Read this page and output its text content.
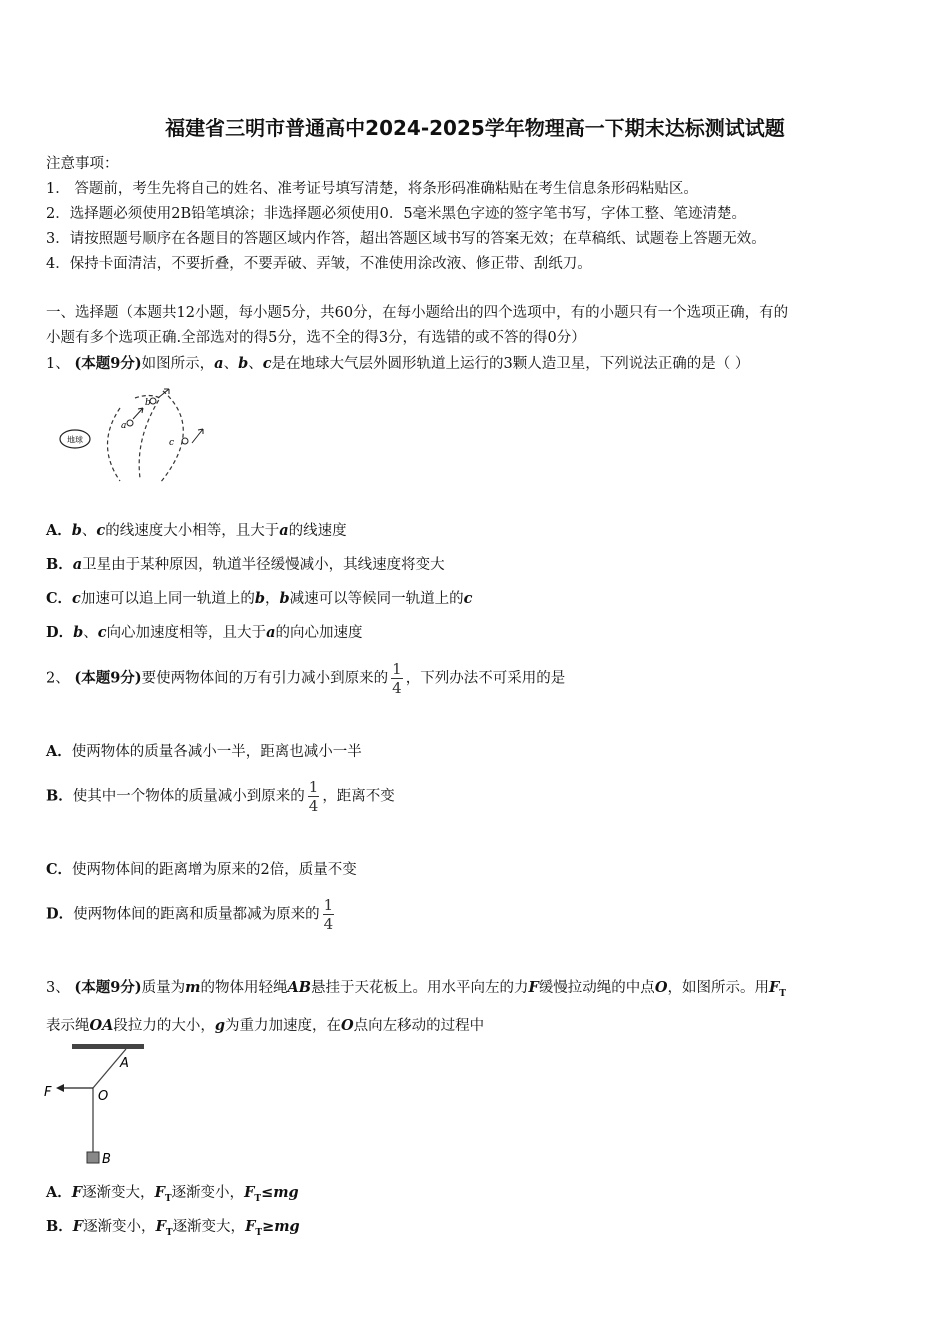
福建省三明市普通高中2024-2025学年物理高一下期末达标测试试题
注意事项：
1． 答题前，考生先将自己的姓名、准考证号填写清楚，将条形码准确粘贴在考生信息条形码粘贴区。
2．选择题必须使用2B铅笔填涂；非选择题必须使用0．5毫米黑色字迹的签字笔书写，字体工整、笔迹清楚。
3．请按照题号顺序在各题目的答题区域内作答，超出答题区域书写的答案无效；在草稿纸、试题卷上答题无效。
4．保持卡面清洁，不要折叠，不要弄破、弄皱，不准使用涂改液、修正带、刮纸刀。
一、选择题（本题共12小题，每小题5分，共60分，在每小题给出的四个选项中，有的小题只有一个选项正确，有的
小题有多个选项正确.全部选对的得5分，选不全的得3分，有选错的或不答的得0分）
1、 (本题9分)如图所示，a、b、c是在地球大气层外圆形轨道上运行的3颗人造卫星，下列说法正确的是（ ）
地球
a
b
c
A．b、c的线速度大小相等，且大于a的线速度
B．a卫星由于某种原因，轨道半径缓慢减小，其线速度将变大
C．c加速可以追上同一轨道上的b，b减速可以等候同一轨道上的c
D．b、c向心加速度相等，且大于a的向心加速度
2、 (本题9分)要使两物体间的万有引力减小到原来的 $\frac{1}{4}$ ，下列办法不可采用的是
A．使两物体的质量各减小一半，距离也减小一半
B．使其中一个物体的质量减小到原来的 $\frac{1}{4}$ ，距离不变
C．使两物体间的距离增为原来的2倍，质量不变
D．使两物体间的距离和质量都减为原来的 $\frac{1}{4}$
3、 (本题9分)质量为m的物体用轻绳AB悬挂于天花板上。用水平向左的力F缓慢拉动绳的中点O，如图所示。用$F_T$
表示绳OA段拉力的大小，g为重力加速度，在O点向左移动的过程中
A
F	O
B
A．F逐渐变大，$F_T$逐渐变小，$F_T\le mg$
B．F逐渐变小，$F_T$逐渐变大，$F_T\ge mg$
